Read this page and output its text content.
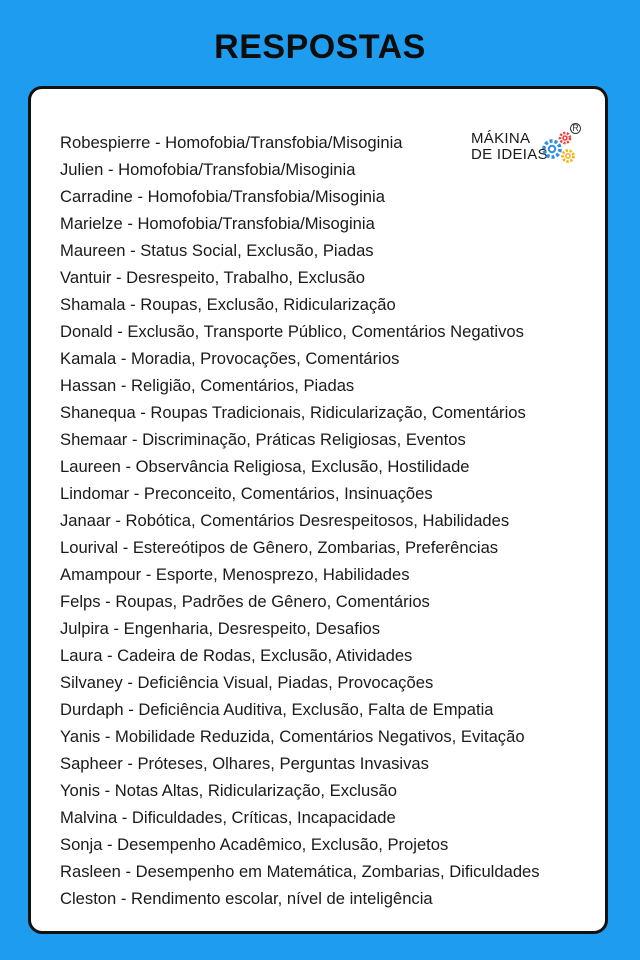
RESPOSTAS
MÁKINA
DE IDEIAS
R
Robespierre - Homofobia/Transfobia/Misoginia
Julien - Homofobia/Transfobia/Misoginia
Carradine - Homofobia/Transfobia/Misoginia
Marielze - Homofobia/Transfobia/Misoginia
Maureen - Status Social, Exclusão, Piadas
Vantuir - Desrespeito, Trabalho, Exclusão
Shamala - Roupas, Exclusão, Ridicularização
Donald - Exclusão, Transporte Público, Comentários Negativos
Kamala - Moradia, Provocações, Comentários
Hassan - Religião, Comentários, Piadas
Shanequa - Roupas Tradicionais, Ridicularização, Comentários
Shemaar - Discriminação, Práticas Religiosas, Eventos
Laureen - Observância Religiosa, Exclusão, Hostilidade
Lindomar - Preconceito, Comentários, Insinuações
Janaar - Robótica, Comentários Desrespeitosos, Habilidades
Lourival - Estereótipos de Gênero, Zombarias, Preferências
Amampour - Esporte, Menosprezo, Habilidades
Felps - Roupas, Padrões de Gênero, Comentários
Julpira - Engenharia, Desrespeito, Desafios
Laura - Cadeira de Rodas, Exclusão, Atividades
Silvaney - Deficiência Visual, Piadas, Provocações
Durdaph - Deficiência Auditiva, Exclusão, Falta de Empatia
Yanis - Mobilidade Reduzida, Comentários Negativos, Evitação
Sapheer - Próteses, Olhares, Perguntas Invasivas
Yonis - Notas Altas, Ridicularização, Exclusão
Malvina - Dificuldades, Críticas, Incapacidade
Sonja - Desempenho Acadêmico, Exclusão, Projetos
Rasleen - Desempenho em Matemática, Zombarias, Dificuldades
Cleston - Rendimento escolar, nível de inteligência
